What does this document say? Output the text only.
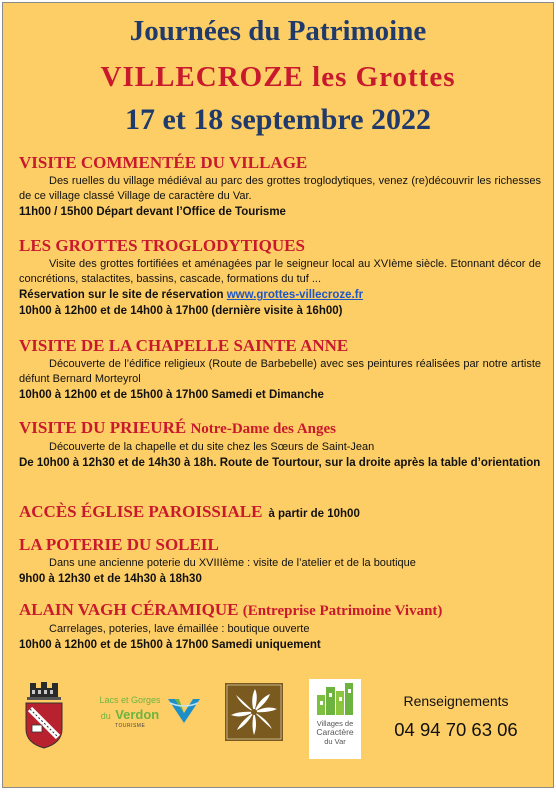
Journées du Patrimoine
VILLECROZE les Grottes
17 et 18 septembre 2022
VISITE COMMENTÉE DU VILLAGE
Des ruelles du village médiéval au parc des grottes troglodytiques, venez (re)découvrir les richesses de ce village classé Village de caractère du Var.
11h00 / 15h00 Départ devant l’Office de Tourisme
LES GROTTES TROGLODYTIQUES
Visite des grottes fortifiées et aménagées par le seigneur local au XVIème siècle. Etonnant décor de concrétions, stalactites, bassins, cascade, formations du tuf ...
Réservation sur le site de réservation www.grottes-villecroze.fr
10h00 à 12h00 et de 14h00 à 17h00 (dernière visite à 16h00)
VISITE DE LA CHAPELLE SAINTE ANNE
Découverte de l’édifice religieux (Route de Barbebelle) avec ses peintures réalisées par notre artiste défunt Bernard Morteyrol
10h00 à 12h00 et de 15h00 à 17h00 Samedi et Dimanche
VISITE DU PRIEURÉ Notre-Dame des Anges
Découverte de la chapelle et du site chez les Sœurs de Saint-Jean
De 10h00 à 12h30 et de 14h30 à 18h. Route de Tourtour, sur la droite après la table d’orientation
ACCÈS ÉGLISE PAROISSIALE à partir de 10h00
LA POTERIE DU SOLEIL
Dans une ancienne poterie du XVIIIème : visite de l’atelier et de la boutique
9h00 à 12h30 et de 14h30 à 18h30
ALAIN VAGH CÉRAMIQUE (Entreprise Patrimoine Vivant)
Carrelages, poteries, lave émaillée : boutique ouverte
10h00 à 12h00 et de 15h00 à 17h00 Samedi uniquement
Lacs et Gorges
du Verdon
TOURISME	Villages de
Caractère
du Var
Renseignements
04 94 70 63 06
